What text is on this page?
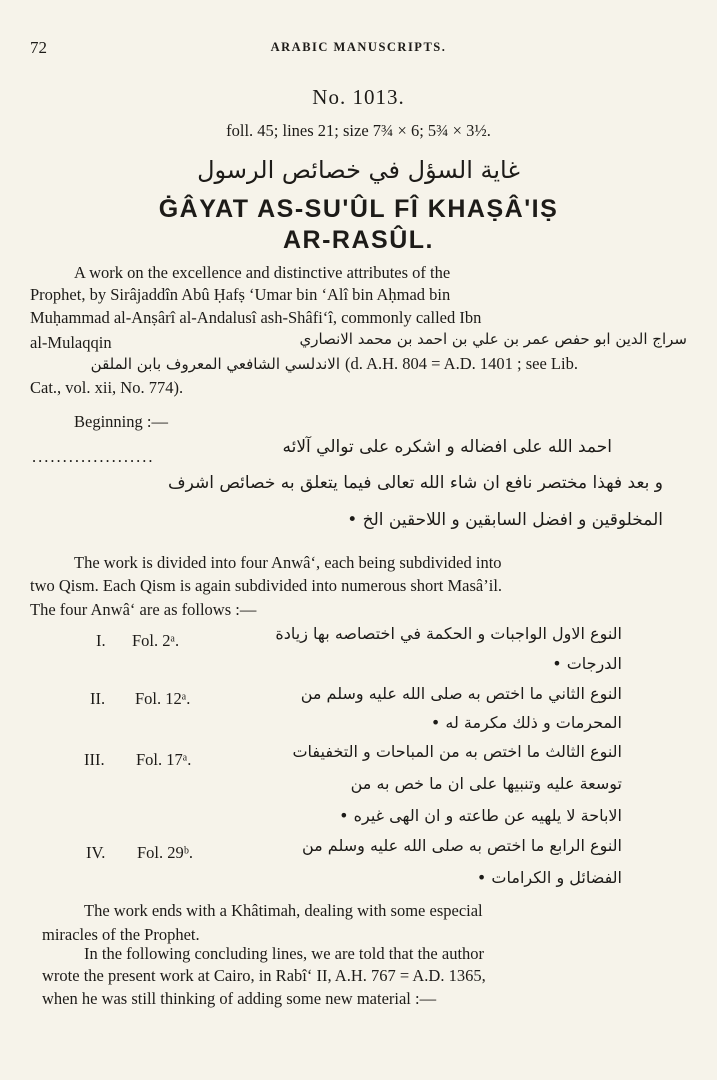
72	ARABIC MANUSCRIPTS.
No. 1013.
foll. 45; lines 21; size 7¾ × 6; 5¾ × 3½.
غاية السؤل في خصائص الرسول
ĠÂYAT AS-SU'ÛL FÎ KHAṢÂ'IṢ
AR-RASÛL.
A work on the excellence and distinctive attributes of the
Prophet, by Sirâjaddîn Abû Ḥafṣ ‘Umar bin ‘Alî bin Aḥmad bin
Muḥammad al-Anṣârî al-Andalusî ash-Shâfi‘î, commonly called Ibn
al-Mulaqqin	سراج الدين ابو حفص عمر بن علي بن احمد بن محمد الانصاري
الاندلسي الشافعي المعروف بابن الملقن (d. A.H. 804 = A.D. 1401 ; see Lib.
Cat., vol. xii, No. 774).
Beginning :—
....................	احمد الله على افضاله و اشكره على توالي آلائه
و بعد فهذا مختصر نافع ان شاء الله تعالى فيما يتعلق به خصائص اشرف
المخلوقين و افضل السابقين و اللاحقين الخ •
The work is divided into four Anwâ‘, each being subdivided into
two Qism. Each Qism is again subdivided into numerous short Masâ’il.
The four Anwâ‘ are as follows :—
I. Fol. 2ᵃ.	النوع الاول الواجبات و الحكمة في اختصاصه بها زيادة
الدرجات •
II. Fol. 12ᵃ.	النوع الثاني ما اختص به صلى الله عليه وسلم من
المحرمات و ذلك مكرمة له •
III. Fol. 17ᵃ.	النوع الثالث ما اختص به من المباحات و التخفيفات
توسعة عليه وتنبيها على ان ما خص به من
الاباحة لا يلهيه عن طاعته و ان الهى غيره •
IV. Fol. 29ᵇ.	النوع الرابع ما اختص به صلى الله عليه وسلم من
الفضائل و الكرامات •
The work ends with a Khâtimah, dealing with some especial
miracles of the Prophet.
In the following concluding lines, we are told that the author
wrote the present work at Cairo, in Rabî‘ II, A.H. 767 = A.D. 1365,
when he was still thinking of adding some new material :—
